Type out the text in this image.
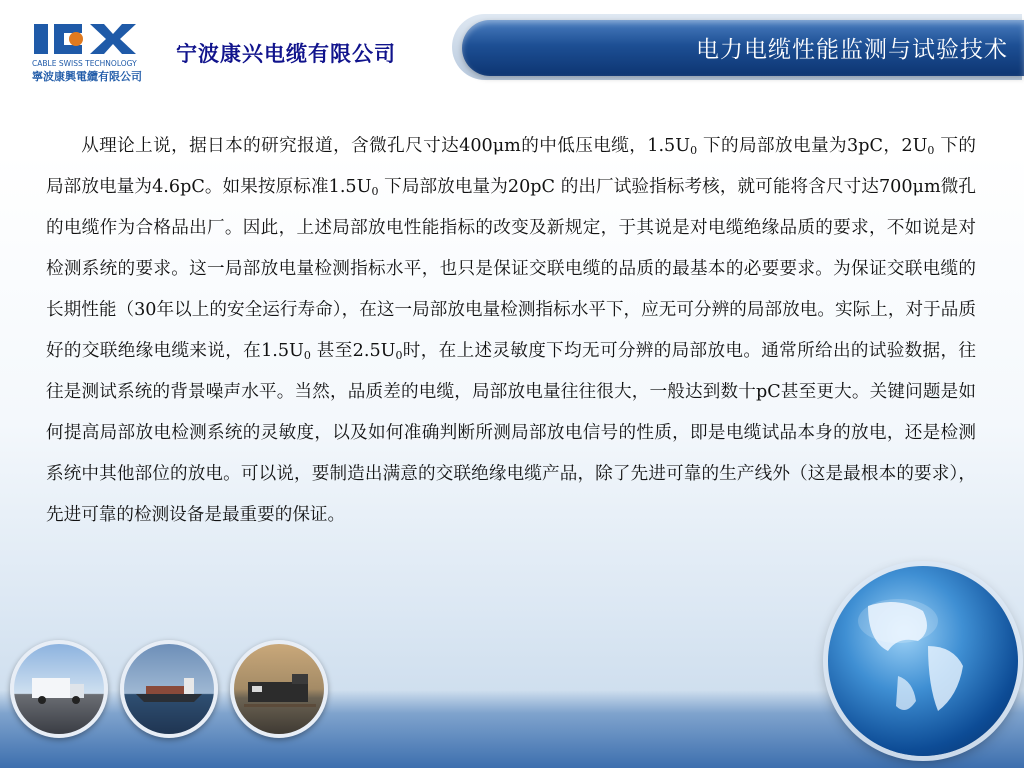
CABLE SWISS TECHNOLOGY
寧波康興電纜有限公司
宁波康兴电缆有限公司	电力电缆性能监测与试验技术

从理论上说，据日本的研究报道，含微孔尺寸达400μm的中低压电缆，$1.5U_0$ 下的局部放电量为3pC，$2U_0$ 下的局部放电量为4.6pC。如果按原标准$1.5U_0$ 下局部放电量为20pC 的出厂试验指标考核，就可能将含尺寸达700μm微孔的电缆作为合格品出厂。因此，上述局部放电性能指标的改变及新规定，于其说是对电缆绝缘品质的要求，不如说是对检测系统的要求。这一局部放电量检测指标水平，也只是保证交联电缆的品质的最基本的必要要求。为保证交联电缆的长期性能（30年以上的安全运行寿命），在这一局部放电量检测指标水平下，应无可分辨的局部放电。实际上，对于品质好的交联绝缘电缆来说，在$1.5U_0$ 甚至$2.5U_0$时，在上述灵敏度下均无可分辨的局部放电。通常所给出的试验数据，往往是测试系统的背景噪声水平。当然，品质差的电缆，局部放电量往往很大，一般达到数十pC甚至更大。关键问题是如何提高局部放电检测系统的灵敏度，以及如何准确判断所测局部放电信号的性质，即是电缆试品本身的放电，还是检测系统中其他部位的放电。可以说，要制造出满意的交联绝缘电缆产品，除了先进可靠的生产线外（这是最根本的要求），先进可靠的检测设备是最重要的保证。
